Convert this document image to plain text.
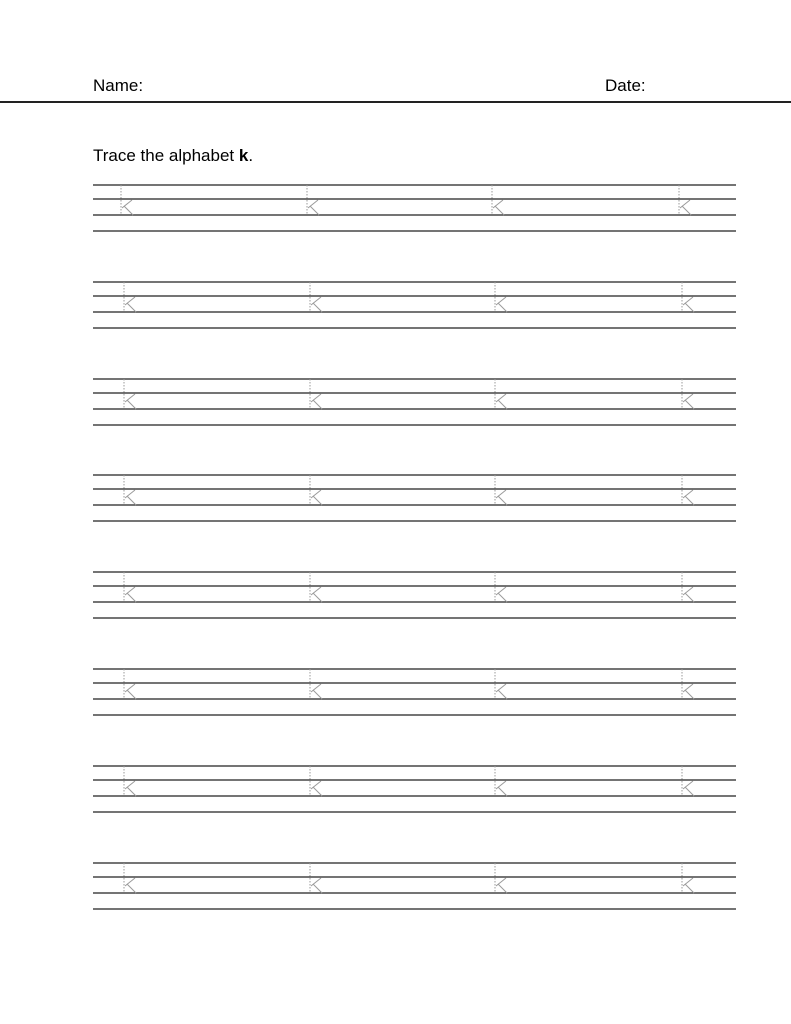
Name:	Date:
Trace the alphabet k.
